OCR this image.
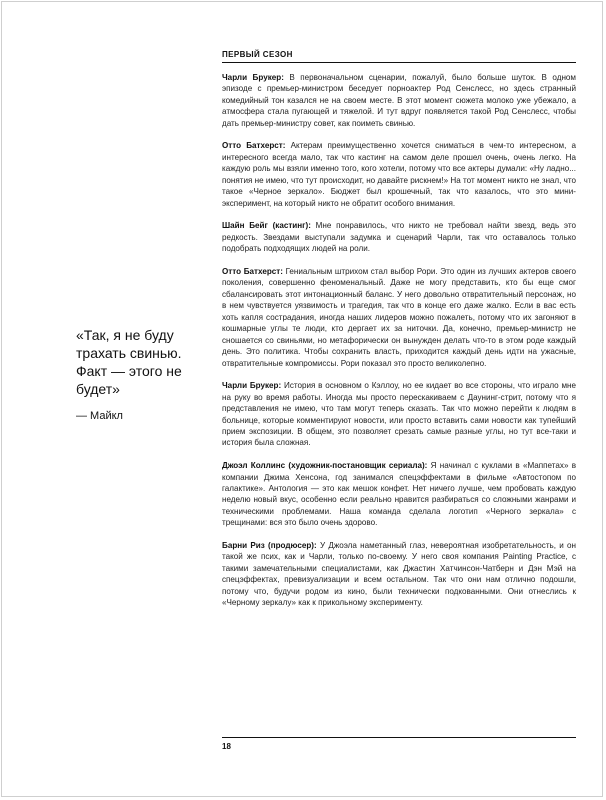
ПЕРВЫЙ СЕЗОН

Чарли Брукер: В первоначальном сценарии, пожалуй, было больше шуток. В одном эпизоде с премьер-министром беседует порноактер Род Сенслесс, но здесь странный комедийный тон казался не на своем месте. В этот момент сюжета молоко уже убежало, а атмосфера стала пугающей и тяжелой. И тут вдруг появляется такой Род Сенслесс, чтобы дать премьер-министру совет, как поиметь свинью.

Отто Батхерст: Актерам преимущественно хочется сниматься в чем-то интересном, а интересного всегда мало, так что кастинг на самом деле прошел очень, очень легко. На каждую роль мы взяли именно того, кого хотели, потому что все актеры думали: «Ну ладно... понятия не имею, что тут происходит, но давайте рискнем!» На тот момент никто не знал, что такое «Черное зеркало». Бюджет был крошечный, так что казалось, что это мини-эксперимент, на который никто не обратит особого внимания.

Шайн Бейг (кастинг): Мне понравилось, что никто не требовал найти звезд, ведь это редкость. Звездами выступали задумка и сценарий Чарли, так что оставалось только подобрать подходящих людей на роли.

Отто Батхерст: Гениальным штрихом стал выбор Рори. Это один из лучших актеров своего поколения, совершенно феноменальный. Даже не могу представить, кто бы еще смог сбалансировать этот интонационный баланс. У него довольно отвратительный персонаж, но в нем чувствуется уязвимость и трагедия, так что в конце его даже жалко. Если в вас есть хоть капля сострадания, иногда наших лидеров можно пожалеть, потому что их загоняют в кошмарные углы те люди, кто дергает их за ниточки. Да, конечно, премьер-министр не сношается со свиньями, но метафорически он вынужден делать что-то в этом роде каждый день. Это политика. Чтобы сохранить власть, приходится каждый день идти на ужасные, отвратительные компромиссы. Рори показал это просто великолепно.

Чарли Брукер: История в основном о Кэллоу, но ее кидает во все стороны, что играло мне на руку во время работы. Иногда мы просто перескакиваем с Даунинг-стрит, потому что я представления не имею, что там могут теперь сказать. Так что можно перейти к людям в больнице, которые комментируют новости, или просто вставить сами новости как тупейший прием экспозиции. В общем, это позволяет срезать самые разные углы, но тут все-таки и история была сложная.

Джоэл Коллинс (художник-постановщик сериала): Я начинал с куклами в «Маппетах» в компании Джима Хенсона, год занимался спецэффектами в фильме «Автостопом по галактике». Антология — это как мешок конфет. Нет ничего лучше, чем пробовать каждую неделю новый вкус, особенно если реально нравится разбираться со сложными жанрами и техническими проблемами. Наша команда сделала логотип «Черного зеркала» с трещинами: вся это было очень здорово.

Барни Риз (продюсер): У Джоэла наметанный глаз, невероятная изобретательность, и он такой же псих, как и Чарли, только по-своему. У него своя компания Painting Practice, с такими замечательными специалистами, как Джастин Хатчинсон-Чатберн и Дэн Мэй на спецэффектах, превизуализации и всем остальном. Так что они нам отлично подошли, потому что, будучи родом из кино, были технически подкованными. Они отнеслись к «Черному зеркалу» как к прикольному эксперименту.

«Так, я не буду трахать свинью. Факт — этого не будет»
— Майкл
18
